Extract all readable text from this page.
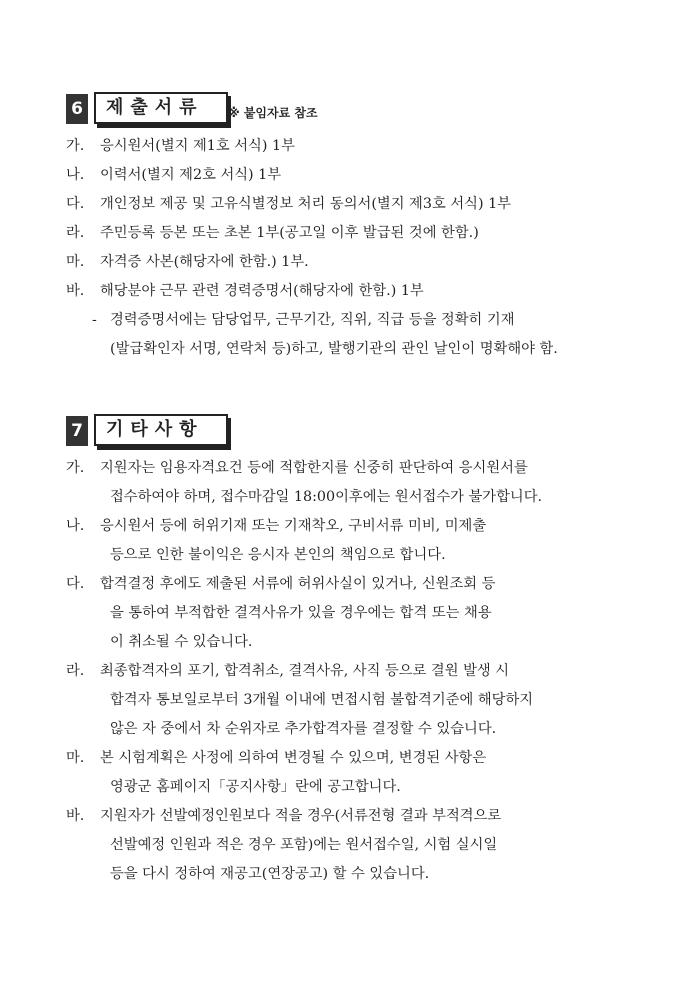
6	제출서류	※ 붙임자료 참조
가.	응시원서(별지 제1호 서식) 1부
나.	이력서(별지 제2호 서식) 1부
다.	개인정보 제공 및 고유식별정보 처리 동의서(별지 제3호 서식) 1부
라.	주민등록 등본 또는 초본 1부(공고일 이후 발급된 것에 한함.)
마.	자격증 사본(해당자에 한함.) 1부.
바.	해당분야 근무 관련 경력증명서(해당자에 한함.) 1부
- 경력증명서에는 담당업무, 근무기간, 직위, 직급 등을 정확히 기재
(발급확인자 서명, 연락처 등)하고, 발행기관의 관인 날인이 명확해야 함.
7	기타사항
가.	지원자는 임용자격요건 등에 적합한지를 신중히 판단하여 응시원서를
접수하여야 하며, 접수마감일 18:00이후에는 원서접수가 불가합니다.
나.	응시원서 등에 허위기재 또는 기재착오, 구비서류 미비, 미제출
등으로 인한 불이익은 응시자 본인의 책임으로 합니다.
다.	합격결정 후에도 제출된 서류에 허위사실이 있거나, 신원조회 등
을 통하여 부적합한 결격사유가 있을 경우에는 합격 또는 채용
이 취소될 수 있습니다.
라.	최종합격자의 포기, 합격취소, 결격사유, 사직 등으로 결원 발생 시
합격자 통보일로부터 3개월 이내에 면접시험 불합격기준에 해당하지
않은 자 중에서 차 순위자로 추가합격자를 결정할 수 있습니다.
마.	본 시험계획은 사정에 의하여 변경될 수 있으며, 변경된 사항은
영광군 홈페이지「공지사항」란에 공고합니다.
바.	지원자가 선발예정인원보다 적을 경우(서류전형 결과 부적격으로
선발예정 인원과 적은 경우 포함)에는 원서접수일, 시험 실시일
등을 다시 정하여 재공고(연장공고) 할 수 있습니다.
